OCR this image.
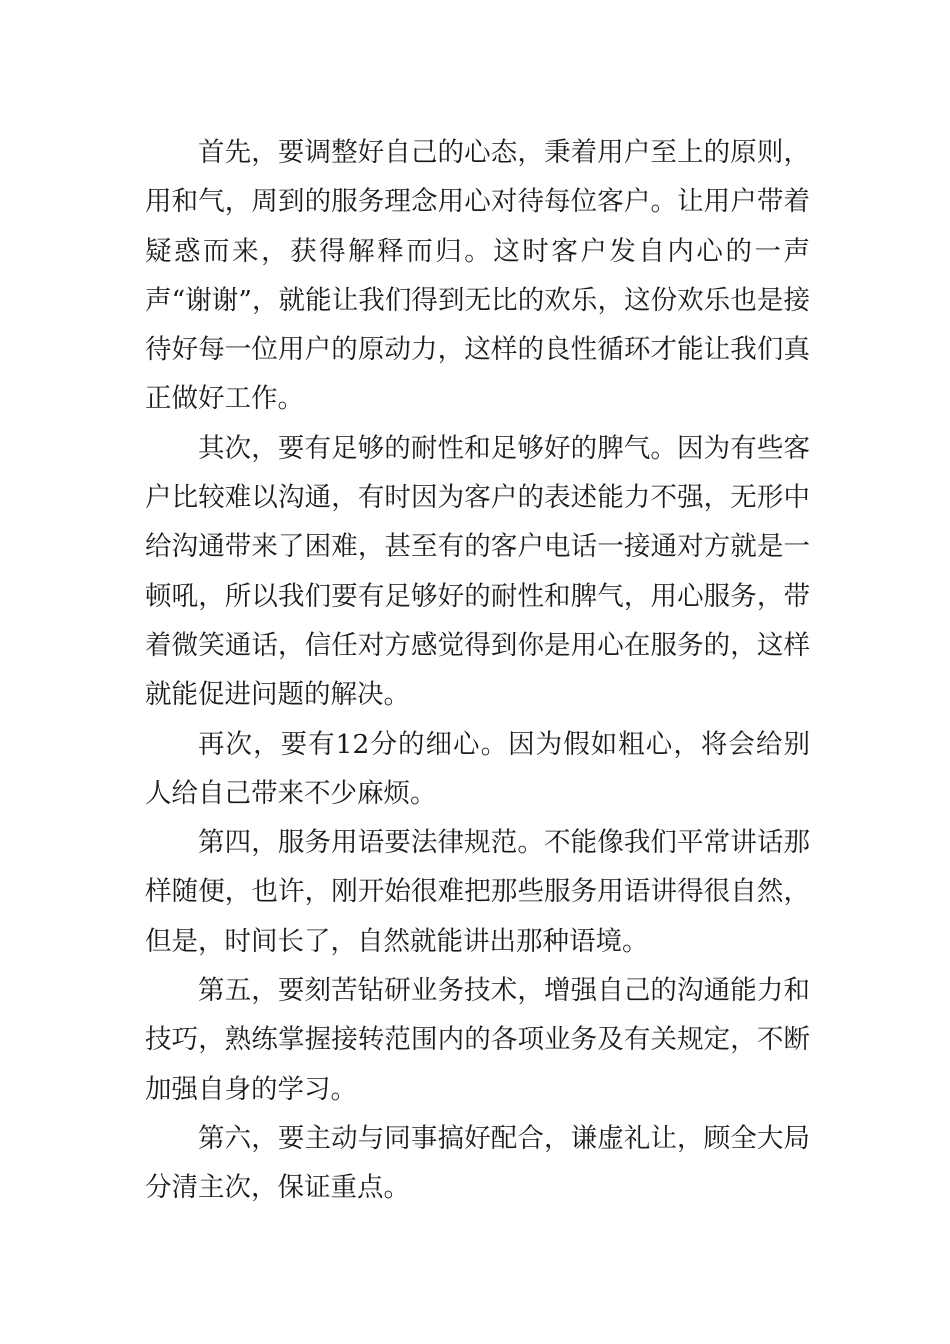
首先，要调整好自己的心态，秉着用户至上的原则，用和气，周到的服务理念用心对待每位客户。让用户带着疑惑而来，获得解释而归。这时客户发自内心的一声声“谢谢”，就能让我们得到无比的欢乐，这份欢乐也是接待好每一位用户的原动力，这样的良性循环才能让我们真正做好工作。

其次，要有足够的耐性和足够好的脾气。因为有些客户比较难以沟通，有时因为客户的表述能力不强，无形中给沟通带来了困难，甚至有的客户电话一接通对方就是一顿吼，所以我们要有足够好的耐性和脾气，用心服务，带着微笑通话，信任对方感觉得到你是用心在服务的，这样就能促进问题的解决。

再次，要有12分的细心。因为假如粗心，将会给别人给自己带来不少麻烦。

第四，服务用语要法律规范。不能像我们平常讲话那样随便，也许，刚开始很难把那些服务用语讲得很自然，但是，时间长了，自然就能讲出那种语境。

第五，要刻苦钻研业务技术，增强自己的沟通能力和技巧，熟练掌握接转范围内的各项业务及有关规定，不断加强自身的学习。

第六，要主动与同事搞好配合，谦虚礼让，顾全大局分清主次，保证重点。
